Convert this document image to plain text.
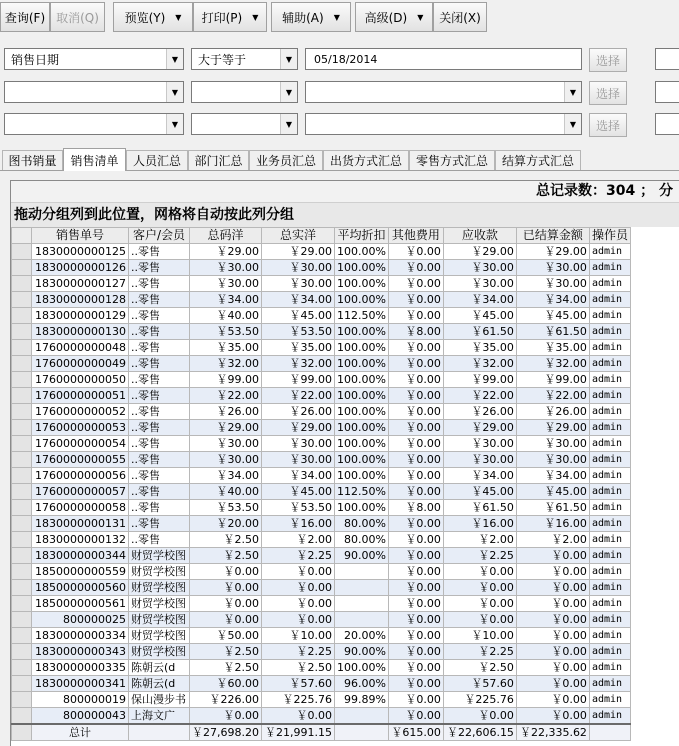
查询(F) 取消(Q)	预览(Y) ▼ 打印(P) ▼ 辅助(A) ▼ 高级(D) ▼	关闭(X)
销售日期	▼	大于等于	▼	05/18/2014	选择
▼	▼	▼	选择
▼	▼	▼	选择
图书销量	销售清单	人员汇总	部门汇总	业务员汇总	出货方式汇总	零售方式汇总	结算方式汇总
总记录数：304 ； 分
拖动分组列到此位置，网格将自动按此列分组
	销售单号	客户/会员	总码洋	总实洋	平均折扣	其他费用	应收款	已结算金额	操作员
	1830000000125	..零售	￥29.00	￥29.00	100.00%	￥0.00	￥29.00	￥29.00	admin
	1830000000126	..零售	￥30.00	￥30.00	100.00%	￥0.00	￥30.00	￥30.00	admin
	1830000000127	..零售	￥30.00	￥30.00	100.00%	￥0.00	￥30.00	￥30.00	admin
	1830000000128	..零售	￥34.00	￥34.00	100.00%	￥0.00	￥34.00	￥34.00	admin
	1830000000129	..零售	￥40.00	￥45.00	112.50%	￥0.00	￥45.00	￥45.00	admin
	1830000000130	..零售	￥53.50	￥53.50	100.00%	￥8.00	￥61.50	￥61.50	admin
	1760000000048	..零售	￥35.00	￥35.00	100.00%	￥0.00	￥35.00	￥35.00	admin
	1760000000049	..零售	￥32.00	￥32.00	100.00%	￥0.00	￥32.00	￥32.00	admin
	1760000000050	..零售	￥99.00	￥99.00	100.00%	￥0.00	￥99.00	￥99.00	admin
	1760000000051	..零售	￥22.00	￥22.00	100.00%	￥0.00	￥22.00	￥22.00	admin
	1760000000052	..零售	￥26.00	￥26.00	100.00%	￥0.00	￥26.00	￥26.00	admin
	1760000000053	..零售	￥29.00	￥29.00	100.00%	￥0.00	￥29.00	￥29.00	admin
	1760000000054	..零售	￥30.00	￥30.00	100.00%	￥0.00	￥30.00	￥30.00	admin
	1760000000055	..零售	￥30.00	￥30.00	100.00%	￥0.00	￥30.00	￥30.00	admin
	1760000000056	..零售	￥34.00	￥34.00	100.00%	￥0.00	￥34.00	￥34.00	admin
	1760000000057	..零售	￥40.00	￥45.00	112.50%	￥0.00	￥45.00	￥45.00	admin
	1760000000058	..零售	￥53.50	￥53.50	100.00%	￥8.00	￥61.50	￥61.50	admin
	1830000000131	..零售	￥20.00	￥16.00	80.00%	￥0.00	￥16.00	￥16.00	admin
	1830000000132	..零售	￥2.50	￥2.00	80.00%	￥0.00	￥2.00	￥2.00	admin
	1830000000344	财贸学校图	￥2.50	￥2.25	90.00%	￥0.00	￥2.25	￥0.00	admin
	1850000000559	财贸学校图	￥0.00	￥0.00		￥0.00	￥0.00	￥0.00	admin
	1850000000560	财贸学校图	￥0.00	￥0.00		￥0.00	￥0.00	￥0.00	admin
	1850000000561	财贸学校图	￥0.00	￥0.00		￥0.00	￥0.00	￥0.00	admin
	800000025	财贸学校图	￥0.00	￥0.00		￥0.00	￥0.00	￥0.00	admin
	1830000000334	财贸学校图	￥50.00	￥10.00	20.00%	￥0.00	￥10.00	￥0.00	admin
	1830000000343	财贸学校图	￥2.50	￥2.25	90.00%	￥0.00	￥2.25	￥0.00	admin
	1830000000335	陈朝云(d	￥2.50	￥2.50	100.00%	￥0.00	￥2.50	￥0.00	admin
	1830000000341	陈朝云(d	￥60.00	￥57.60	96.00%	￥0.00	￥57.60	￥0.00	admin
	800000019	保山漫步书	￥226.00	￥225.76	99.89%	￥0.00	￥225.76	￥0.00	admin
	800000043	上海文广	￥0.00	￥0.00		￥0.00	￥0.00	￥0.00	admin
	总计		￥27,698.20	￥21,991.15		￥615.00	￥22,606.15	￥22,335.62	
